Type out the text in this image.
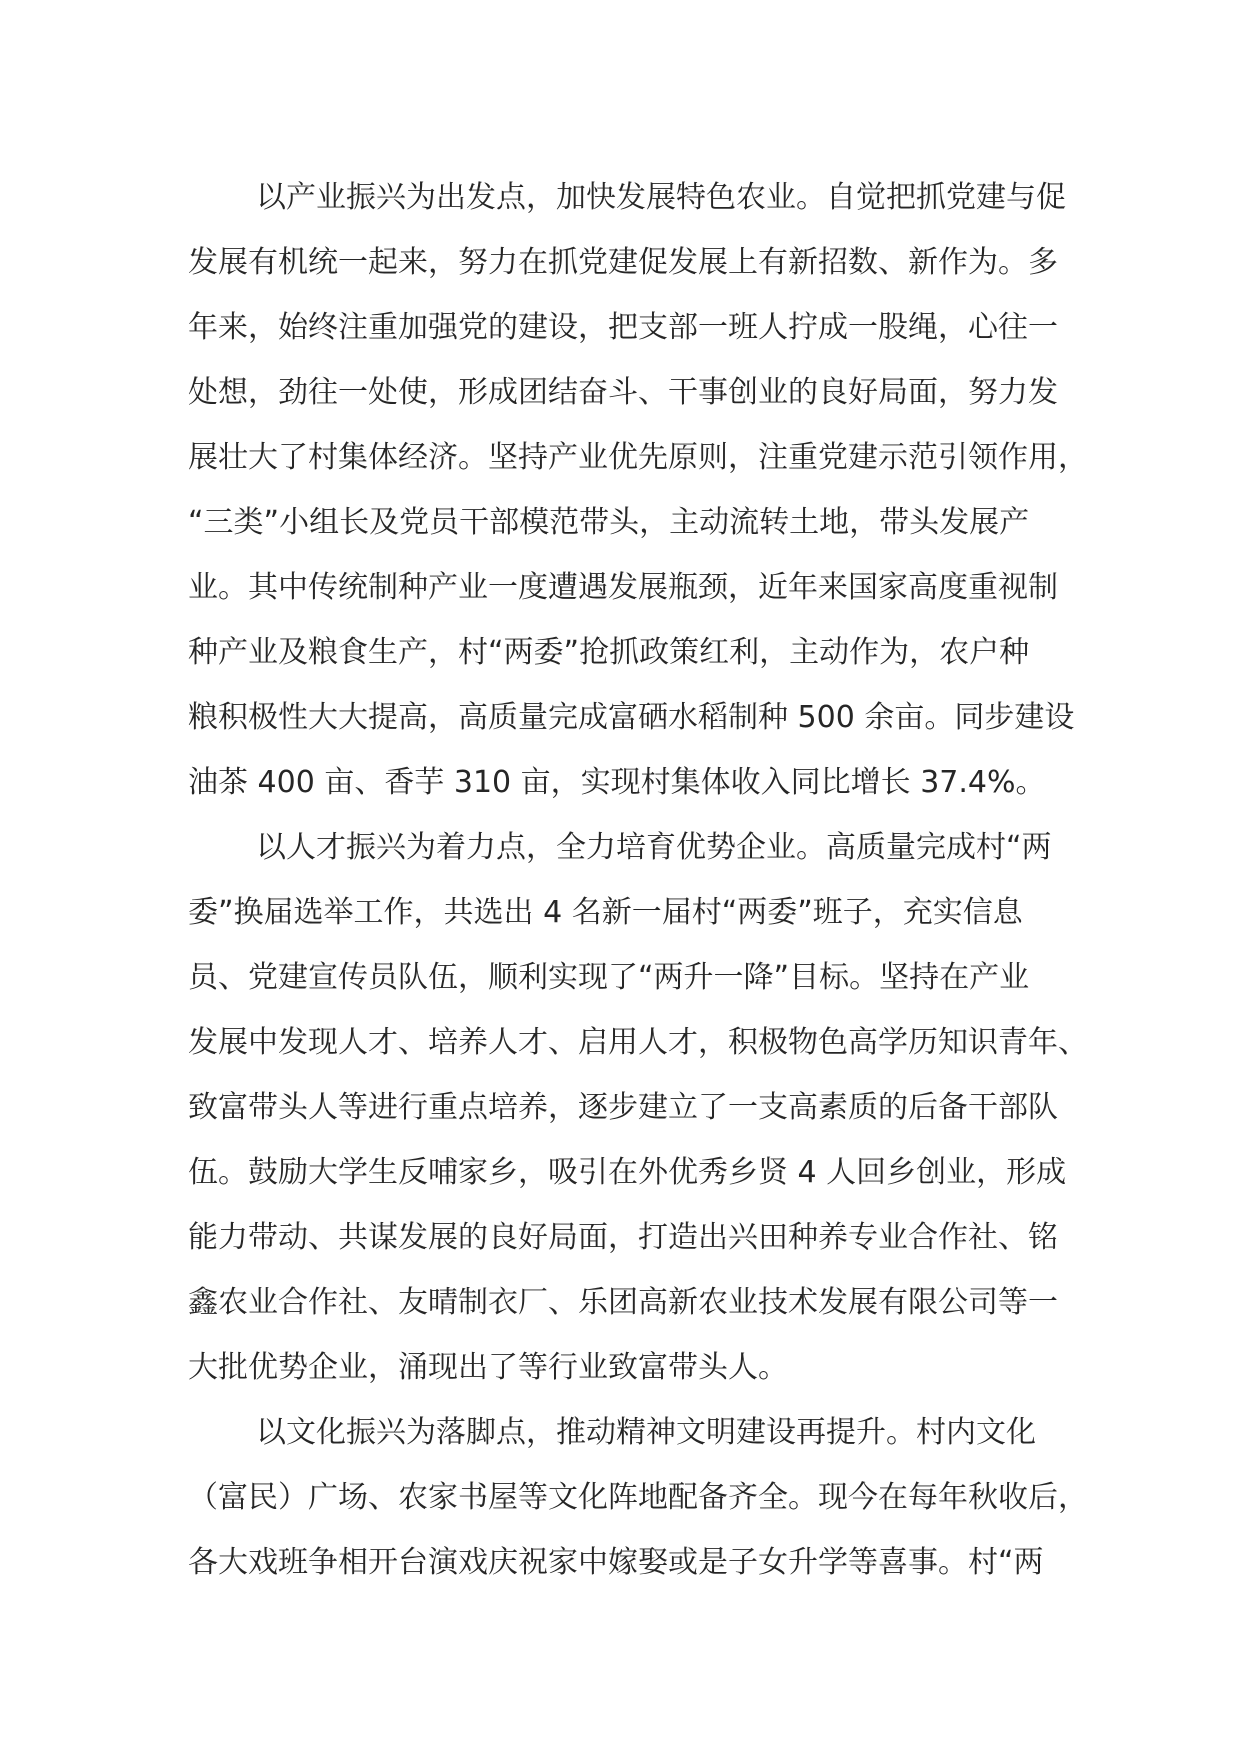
以产业振兴为出发点，加快发展特色农业。自觉把抓党建与促
发展有机统一起来，努力在抓党建促发展上有新招数、新作为。多
年来，始终注重加强党的建设，把支部一班人拧成一股绳，心往一
处想，劲往一处使，形成团结奋斗、干事创业的良好局面，努力发
展壮大了村集体经济。坚持产业优先原则，注重党建示范引领作用，
“三类”小组长及党员干部模范带头，主动流转土地，带头发展产
业。其中传统制种产业一度遭遇发展瓶颈，近年来国家高度重视制
种产业及粮食生产，村“两委”抢抓政策红利，主动作为，农户种
粮积极性大大提高，高质量完成富硒水稻制种 500 余亩。同步建设
油茶 400 亩、香芋 310 亩，实现村集体收入同比增长 37.4%。
以人才振兴为着力点，全力培育优势企业。高质量完成村“两
委”换届选举工作，共选出 4 名新一届村“两委”班子，充实信息
员、党建宣传员队伍，顺利实现了“两升一降”目标。坚持在产业
发展中发现人才、培养人才、启用人才，积极物色高学历知识青年、
致富带头人等进行重点培养，逐步建立了一支高素质的后备干部队
伍。鼓励大学生反哺家乡，吸引在外优秀乡贤 4 人回乡创业，形成
能力带动、共谋发展的良好局面，打造出兴田种养专业合作社、铭
鑫农业合作社、友晴制衣厂、乐团高新农业技术发展有限公司等一
大批优势企业，涌现出了等行业致富带头人。
以文化振兴为落脚点，推动精神文明建设再提升。村内文化
（富民）广场、农家书屋等文化阵地配备齐全。现今在每年秋收后，
各大戏班争相开台演戏庆祝家中嫁娶或是子女升学等喜事。村“两
